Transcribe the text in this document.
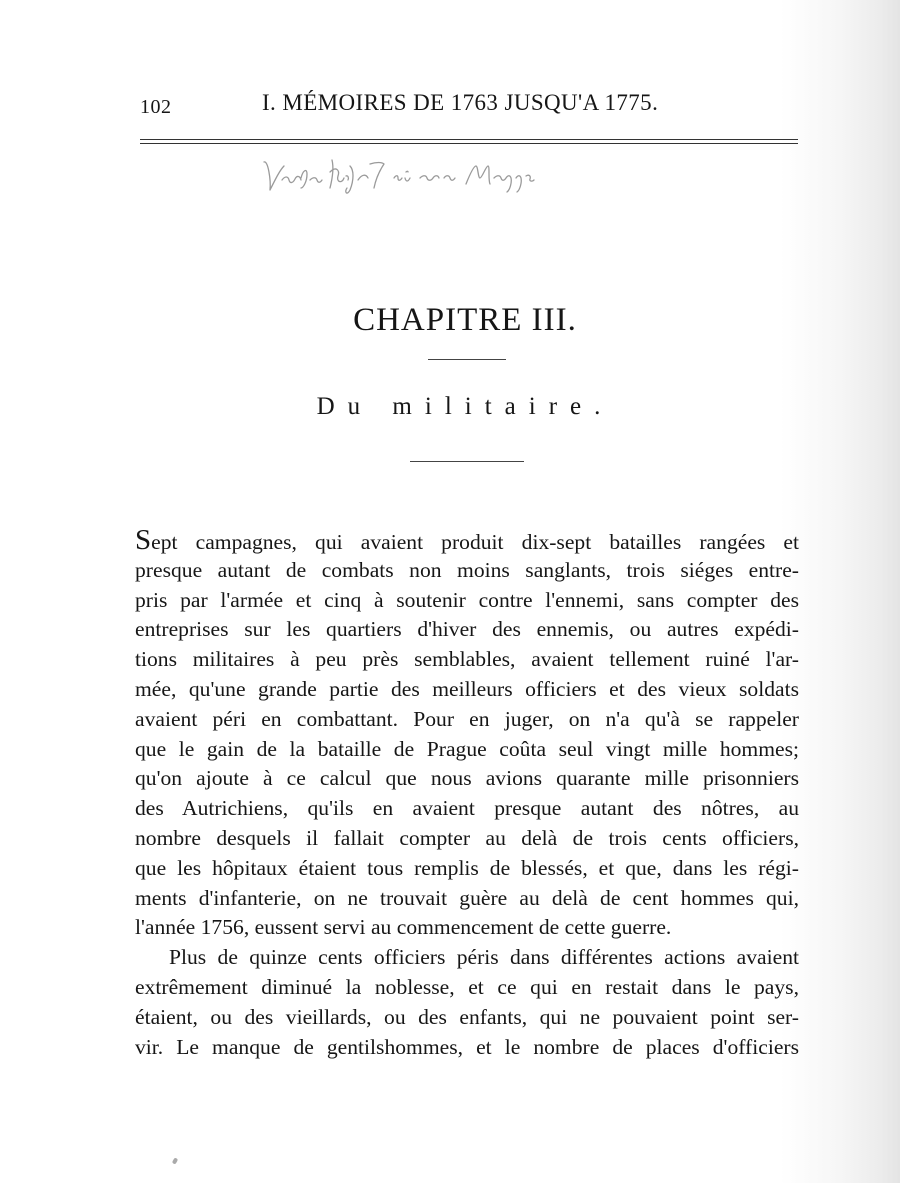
102	I. MÉMOIRES DE 1763 JUSQU'A 1775.
CHAPITRE III.
Du militaire.
Sept campagnes, qui avaient produit dix-sept batailles rangées et
presque autant de combats non moins sanglants, trois siéges entre-
pris par l'armée et cinq à soutenir contre l'ennemi, sans compter des
entreprises sur les quartiers d'hiver des ennemis, ou autres expédi-
tions militaires à peu près semblables, avaient tellement ruiné l'ar-
mée, qu'une grande partie des meilleurs officiers et des vieux soldats
avaient péri en combattant. Pour en juger, on n'a qu'à se rappeler
que le gain de la bataille de Prague coûta seul vingt mille hommes;
qu'on ajoute à ce calcul que nous avions quarante mille prisonniers
des Autrichiens, qu'ils en avaient presque autant des nôtres, au
nombre desquels il fallait compter au delà de trois cents officiers,
que les hôpitaux étaient tous remplis de blessés, et que, dans les régi-
ments d'infanterie, on ne trouvait guère au delà de cent hommes qui,
l'année 1756, eussent servi au commencement de cette guerre.
Plus de quinze cents officiers péris dans différentes actions avaient
extrêmement diminué la noblesse, et ce qui en restait dans le pays,
étaient, ou des vieillards, ou des enfants, qui ne pouvaient point ser-
vir. Le manque de gentilshommes, et le nombre de places d'officiers
